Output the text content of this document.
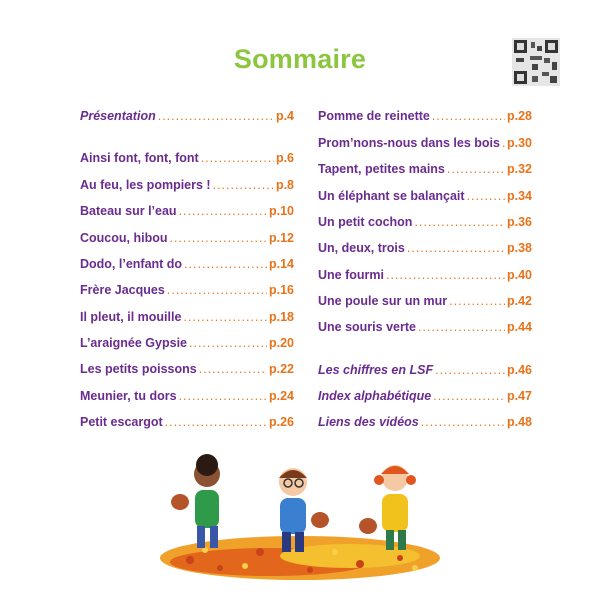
Sommaire
Présentation .....	p.4
Ainsi font, font, font .....	p.6
Au feu, les pompiers ! .....	p.8
Bateau sur l’eau .....	p.10
Coucou, hibou .....	p.12
Dodo, l’enfant do .....	p.14
Frère Jacques .....	p.16
Il pleut, il mouille .....	p.18
L’araignée Gypsie .....	p.20
Les petits poissons .....	p.22
Meunier, tu dors .....	p.24
Petit escargot .....	p.26
Pomme de reinette .....	p.28
Prom’nons-nous dans les bois ..... p.30
Tapent, petites mains .....	p.32
Un éléphant se balançait .....	p.34
Un petit cochon .....	p.36
Un, deux, trois .....	p.38
Une fourmi .....	p.40
Une poule sur un mur .....	p.42
Une souris verte .....	p.44
Les chiffres en LSF .....	p.46
Index alphabétique .....	p.47
Liens des vidéos .....	p.48
